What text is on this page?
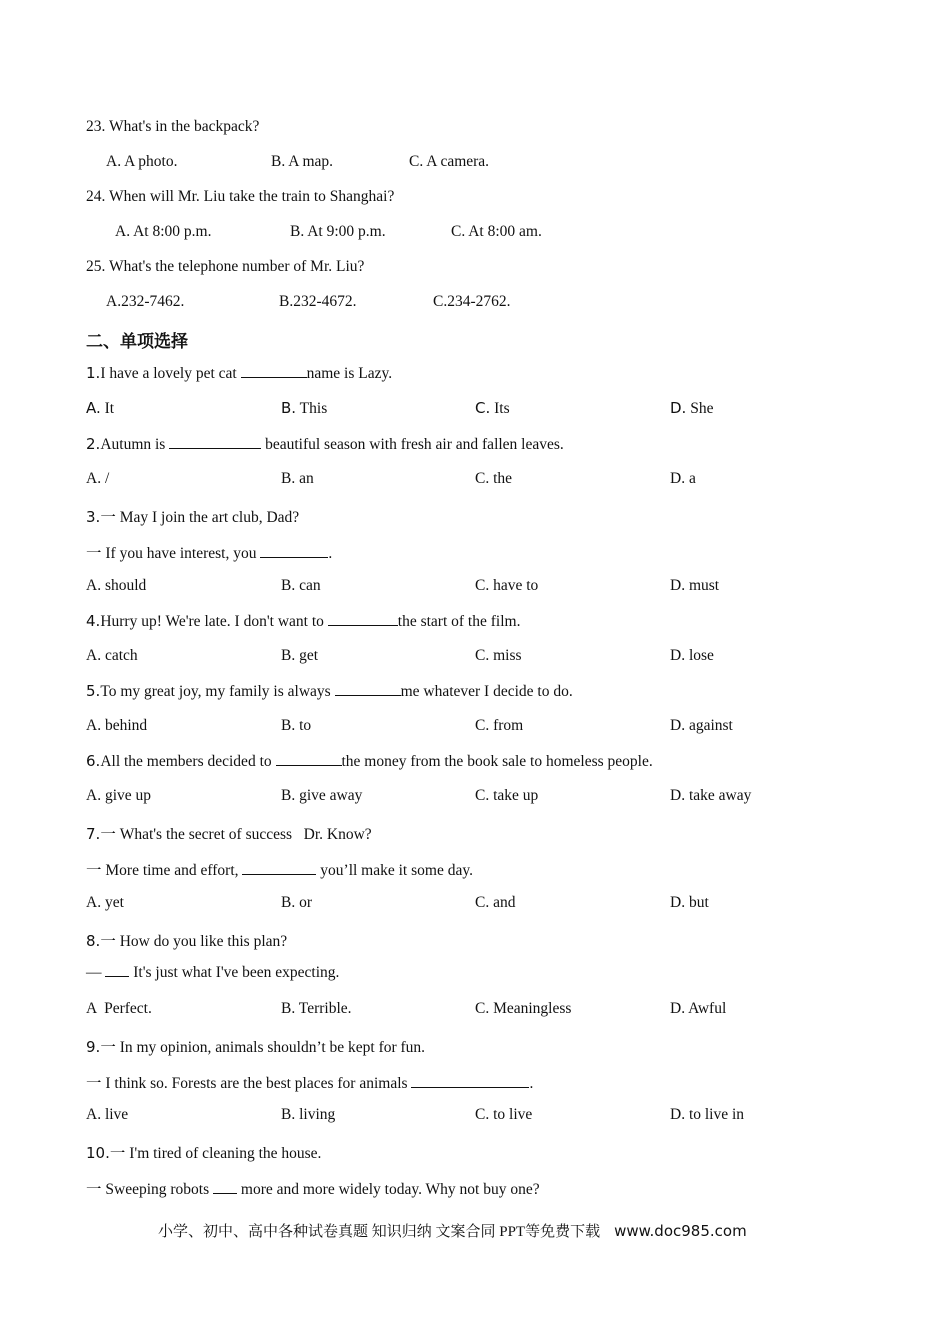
23. What's in the backpack?
A. A photo.	B. A map.	C. A camera.
24. When will Mr. Liu take the train to Shanghai?
A. At 8:00 p.m.	B. At 9:00 p.m.	C. At 8:00 am.
25. What's the telephone number of Mr. Liu?
A.232-7462.	B.232-4672.	C.234-2762.
二、单项选择
1.I have a lovely pet cat	name is Lazy.
A. It	B. This	C. Its	D. She
2.Autumn is	beautiful season with fresh air and fallen leaves.
A. /	B. an	C. the	D. a
3.一 May I join the art club, Dad?
一 If you have interest, you	.
A. should	B. can	C. have to	D. must
4.Hurry up! We're late. I don't want to	the start of the film.
A. catch	B. get	C. miss	D. lose
5.To my great joy, my family is always	me whatever I decide to do.
A. behind	B. to	C. from	D. against
6.All the members decided to	the money from the book sale to homeless people.
A. give up	B. give away	C. take up	D. take away
7.一 What's the secret of success   Dr. Know?
一 More time and effort,	you’ll make it some day.
A. yet	B. or	C. and	D. but
8.一 How do you like this plan?
—  It's just what I've been expecting.
A  Perfect.	B. Terrible.	C. Meaningless	D. Awful
9.一 In my opinion, animals shouldn’t be kept for fun.
一 I think so. Forests are the best places for animals	.
A. live	B. living	C. to live	D. to live in
10.一 I'm tired of cleaning the house.
一 Sweeping robots  more and more widely today. Why not buy one?
小学、初中、高中各种试卷真题 知识归纳 文案合同 PPT等免费下载 www.doc985.com
